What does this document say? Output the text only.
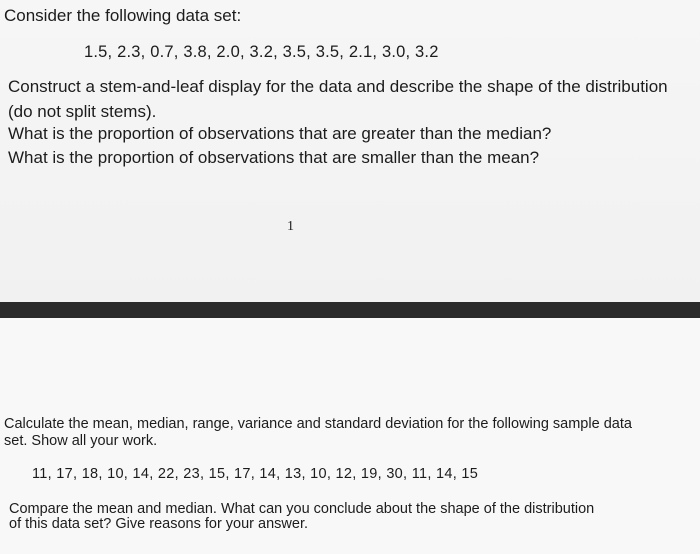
Consider the following data set:

1.5, 2.3, 0.7, 3.8, 2.0, 3.2, 3.5, 3.5, 2.1, 3.0, 3.2

Construct a stem-and-leaf display for the data and describe the shape of the distribution

(do not split stems).

What is the proportion of observations that are greater than the median?

What is the proportion of observations that are smaller than the mean?

1

Calculate the mean, median, range, variance and standard deviation for the following sample data

set. Show all your work.

11, 17, 18, 10, 14, 22, 23, 15, 17, 14, 13, 10, 12, 19, 30, 11, 14, 15

Compare the mean and median. What can you conclude about the shape of the distribution

of this data set? Give reasons for your answer.
